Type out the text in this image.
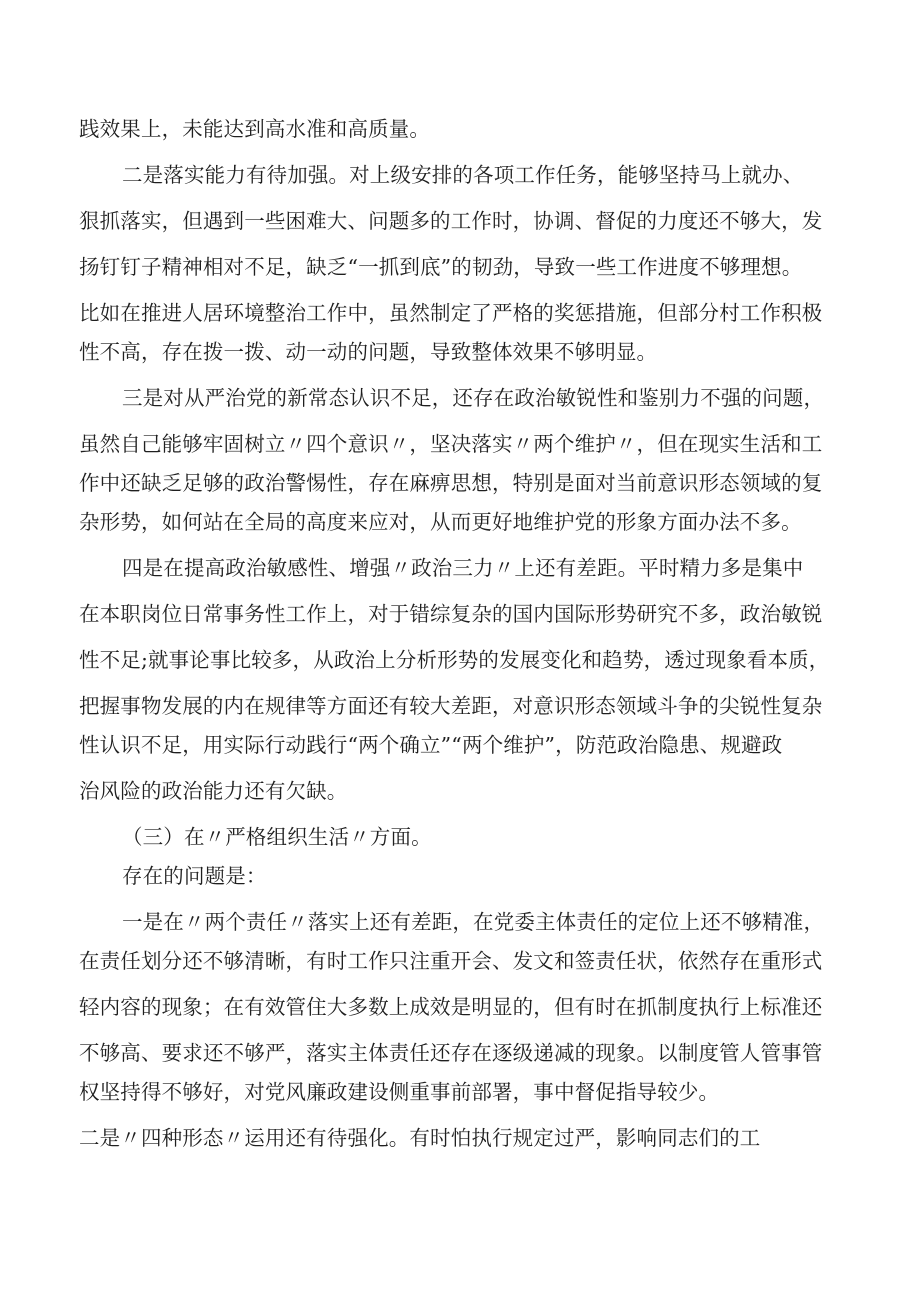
践效果上，未能达到高水准和高质量。
二是落实能力有待加强。对上级安排的各项工作任务，能够坚持马上就办、
狠抓落实，但遇到一些困难大、问题多的工作时，协调、督促的力度还不够大，发
扬钉钉子精神相对不足，缺乏“一抓到底”的韧劲，导致一些工作进度不够理想。
比如在推进人居环境整治工作中，虽然制定了严格的奖惩措施，但部分村工作积极
性不高，存在拨一拨、动一动的问题，导致整体效果不够明显。
三是对从严治党的新常态认识不足，还存在政治敏锐性和鉴别力不强的问题，
虽然自己能够牢固树立〃四个意识〃，坚决落实〃两个维护〃，但在现实生活和工
作中还缺乏足够的政治警惕性，存在麻痹思想，特别是面对当前意识形态领域的复
杂形势，如何站在全局的高度来应对，从而更好地维护党的形象方面办法不多。
四是在提高政治敏感性、增强〃政治三力〃上还有差距。平时精力多是集中
在本职岗位日常事务性工作上，对于错综复杂的国内国际形势研究不多，政治敏锐
性不足;就事论事比较多，从政治上分析形势的发展变化和趋势，透过现象看本质，
把握事物发展的内在规律等方面还有较大差距，对意识形态领域斗争的尖锐性复杂
性认识不足，用实际行动践行“两个确立”“两个维护”，防范政治隐患、规避政
治风险的政治能力还有欠缺。
（三）在〃严格组织生活〃方面。
存在的问题是：
一是在〃两个责任〃落实上还有差距，在党委主体责任的定位上还不够精准，
在责任划分还不够清晰，有时工作只注重开会、发文和签责任状，依然存在重形式
轻内容的现象；在有效管住大多数上成效是明显的，但有时在抓制度执行上标准还
不够高、要求还不够严，落实主体责任还存在逐级递减的现象。以制度管人管事管
权坚持得不够好，对党风廉政建设侧重事前部署，事中督促指导较少。
二是〃四种形态〃运用还有待强化。有时怕执行规定过严，影响同志们的工
